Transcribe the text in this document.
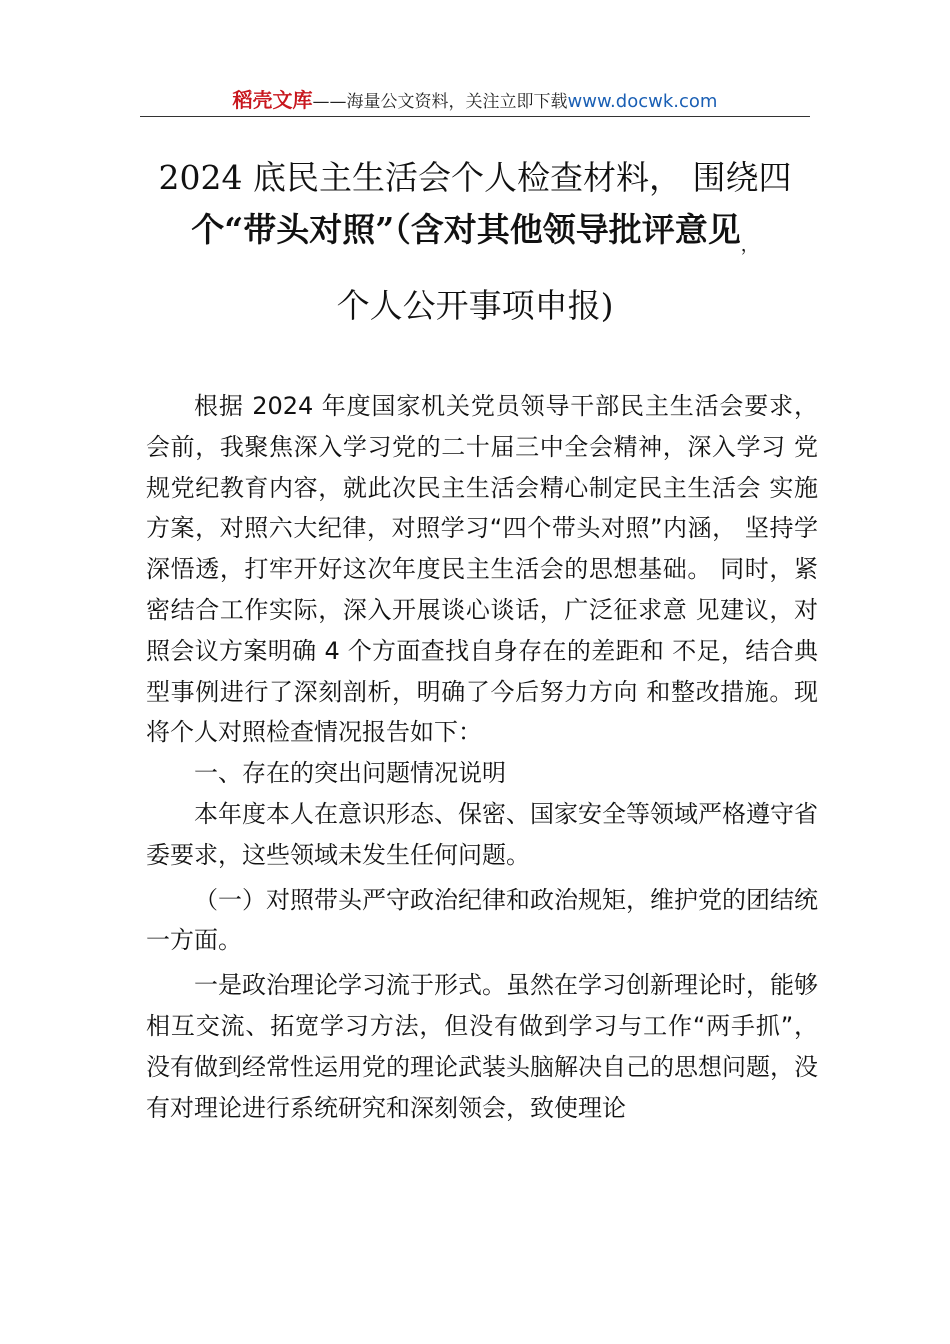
稻壳文库——海量公文资料，关注立即下载www.docwk.com
2024 底民主生活会个人检查材料， 围绕四
个“带头对照”（含对其他领导批评意见$_,$
个人公开事项申报)

根据 2024 年度国家机关党员领导干部民主生活会要求， 会前，我聚焦深入学习党的二十届三中全会精神，深入学习 党规党纪教育内容，就此次民主生活会精心制定民主生活会 实施方案，对照六大纪律，对照学习“四个带头对照”内涵， 坚持学深悟透，打牢开好这次年度民主生活会的思想基础。 同时，紧密结合工作实际，深入开展谈心谈话，广泛征求意 见建议，对照会议方案明确 4 个方面查找自身存在的差距和 不足，结合典型事例进行了深刻剖析，明确了今后努力方向 和整改措施。现将个人对照检查情况报告如下：

一、存在的突出问题情况说明

本年度本人在意识形态、保密、国家安全等领域严格遵守省委要求，这些领域未发生任何问题。

（一）对照带头严守政治纪律和政治规矩，维护党的团结统一方面。

一是政治理论学习流于形式。虽然在学习创新理论时，能够相互交流、拓宽学习方法，但没有做到学习与工作“两手抓”，没有做到经常性运用党的理论武装头脑解决自己的思想问题，没有对理论进行系统研究和深刻领会，致使理论
